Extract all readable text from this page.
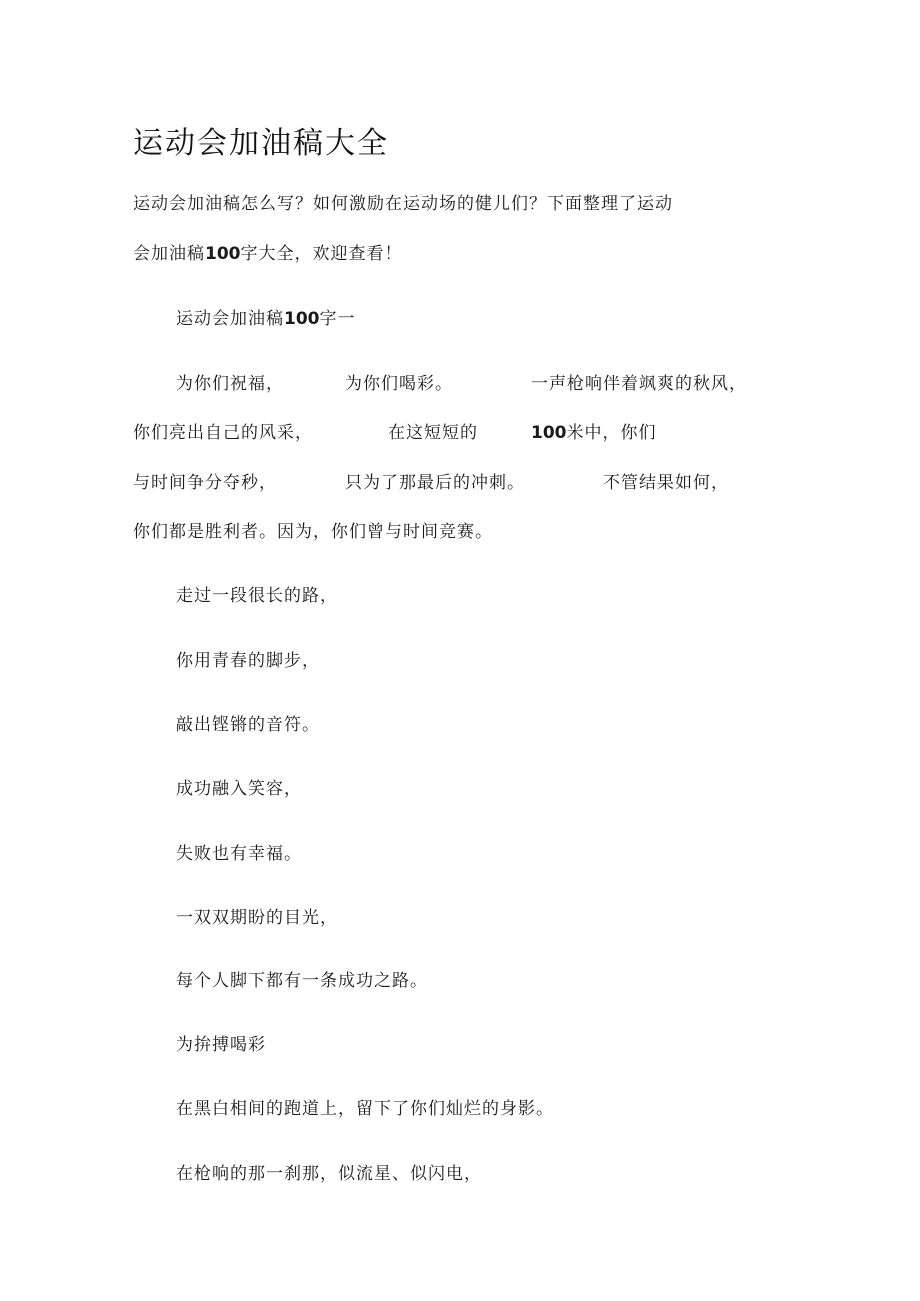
运动会加油稿大全
运动会加油稿怎么写？如何激励在运动场的健儿们？下面整理了运动
会加油稿100字大全，欢迎查看！
运动会加油稿100字一
为你们祝福，	为你们喝彩。	一声枪响伴着飒爽的秋风，
你们亮出自己的风采，	在这短短的	100米中，你们
与时间争分夺秒，	只为了那最后的冲刺。	不管结果如何，
你们都是胜利者。因为，你们曾与时间竞赛。
走过一段很长的路，
你用青春的脚步，
敲出铿锵的音符。
成功融入笑容，
失败也有幸福。
一双双期盼的目光，
每个人脚下都有一条成功之路。
为拚搏喝彩
在黑白相间的跑道上，留下了你们灿烂的身影。
在枪响的那一刹那，似流星、似闪电，
